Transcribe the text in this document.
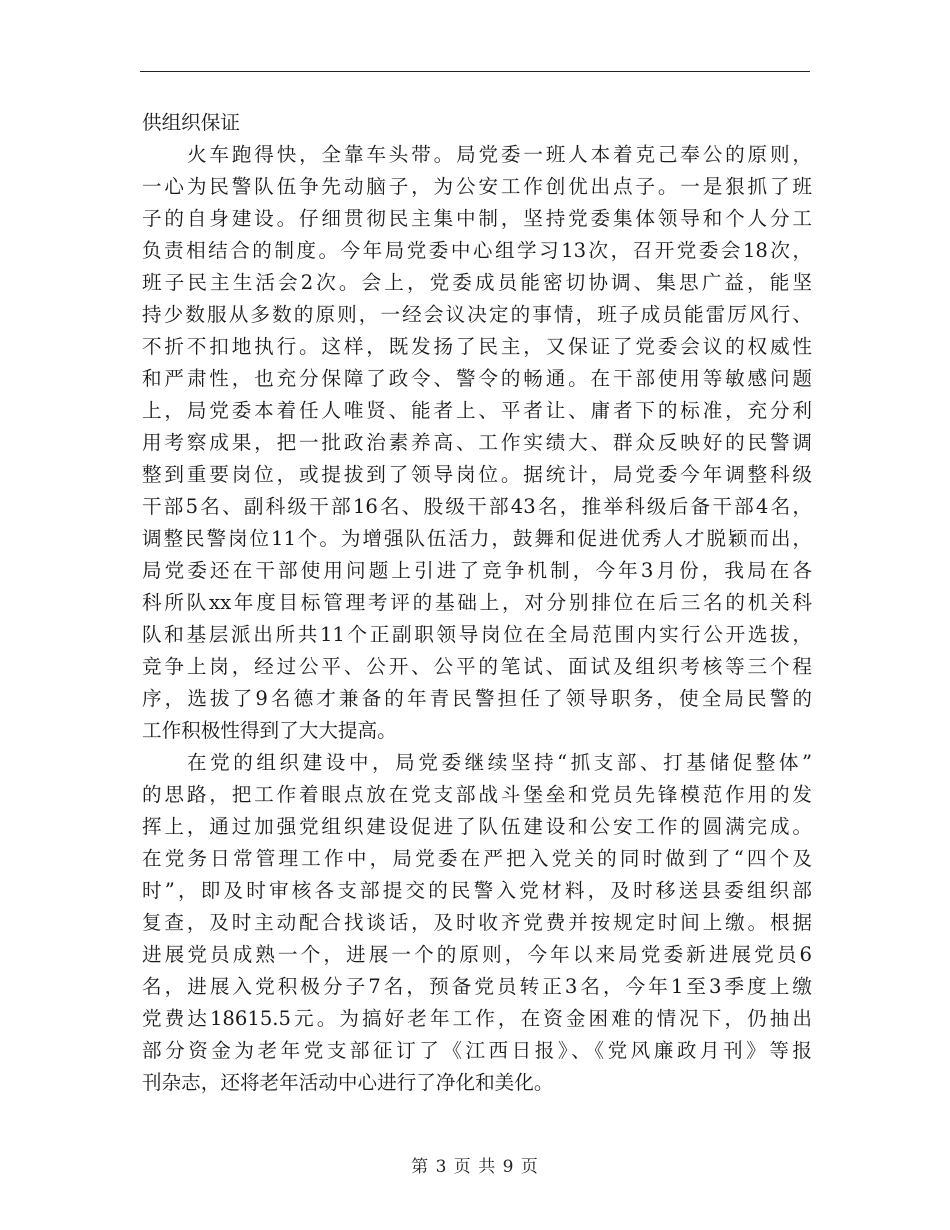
供组织保证
火车跑得快，全靠车头带。局党委一班人本着克己奉公的原则，
一心为民警队伍争先动脑子，为公安工作创优出点子。一是狠抓了班
子的自身建设。仔细贯彻民主集中制，坚持党委集体领导和个人分工
负责相结合的制度。今年局党委中心组学习13次，召开党委会18次，
班子民主生活会2次。会上，党委成员能密切协调、集思广益，能坚
持少数服从多数的原则，一经会议决定的事情，班子成员能雷厉风行、
不折不扣地执行。这样，既发扬了民主，又保证了党委会议的权威性
和严肃性，也充分保障了政令、警令的畅通。在干部使用等敏感问题
上，局党委本着任人唯贤、能者上、平者让、庸者下的标准，充分利
用考察成果，把一批政治素养高、工作实绩大、群众反映好的民警调
整到重要岗位，或提拔到了领导岗位。据统计，局党委今年调整科级
干部5名、副科级干部16名、股级干部43名，推举科级后备干部4名，
调整民警岗位11个。为增强队伍活力，鼓舞和促进优秀人才脱颖而出，
局党委还在干部使用问题上引进了竞争机制，今年3月份，我局在各
科所队xx年度目标管理考评的基础上，对分别排位在后三名的机关科
队和基层派出所共11个正副职领导岗位在全局范围内实行公开选拔，
竞争上岗，经过公平、公开、公平的笔试、面试及组织考核等三个程
序，选拔了9名德才兼备的年青民警担任了领导职务，使全局民警的
工作积极性得到了大大提高。
在党的组织建设中，局党委继续坚持“抓支部、打基储促整体”
的思路，把工作着眼点放在党支部战斗堡垒和党员先锋模范作用的发
挥上，通过加强党组织建设促进了队伍建设和公安工作的圆满完成。
在党务日常管理工作中，局党委在严把入党关的同时做到了“四个及
时”，即及时审核各支部提交的民警入党材料，及时移送县委组织部
复查，及时主动配合找谈话，及时收齐党费并按规定时间上缴。根据
进展党员成熟一个，进展一个的原则，今年以来局党委新进展党员6
名，进展入党积极分子7名，预备党员转正3名，今年1至3季度上缴
党费达18615.5元。为搞好老年工作，在资金困难的情况下，仍抽出
部分资金为老年党支部征订了《江西日报》、《党风廉政月刊》等报
刊杂志，还将老年活动中心进行了净化和美化。
第 3 页 共 9 页
